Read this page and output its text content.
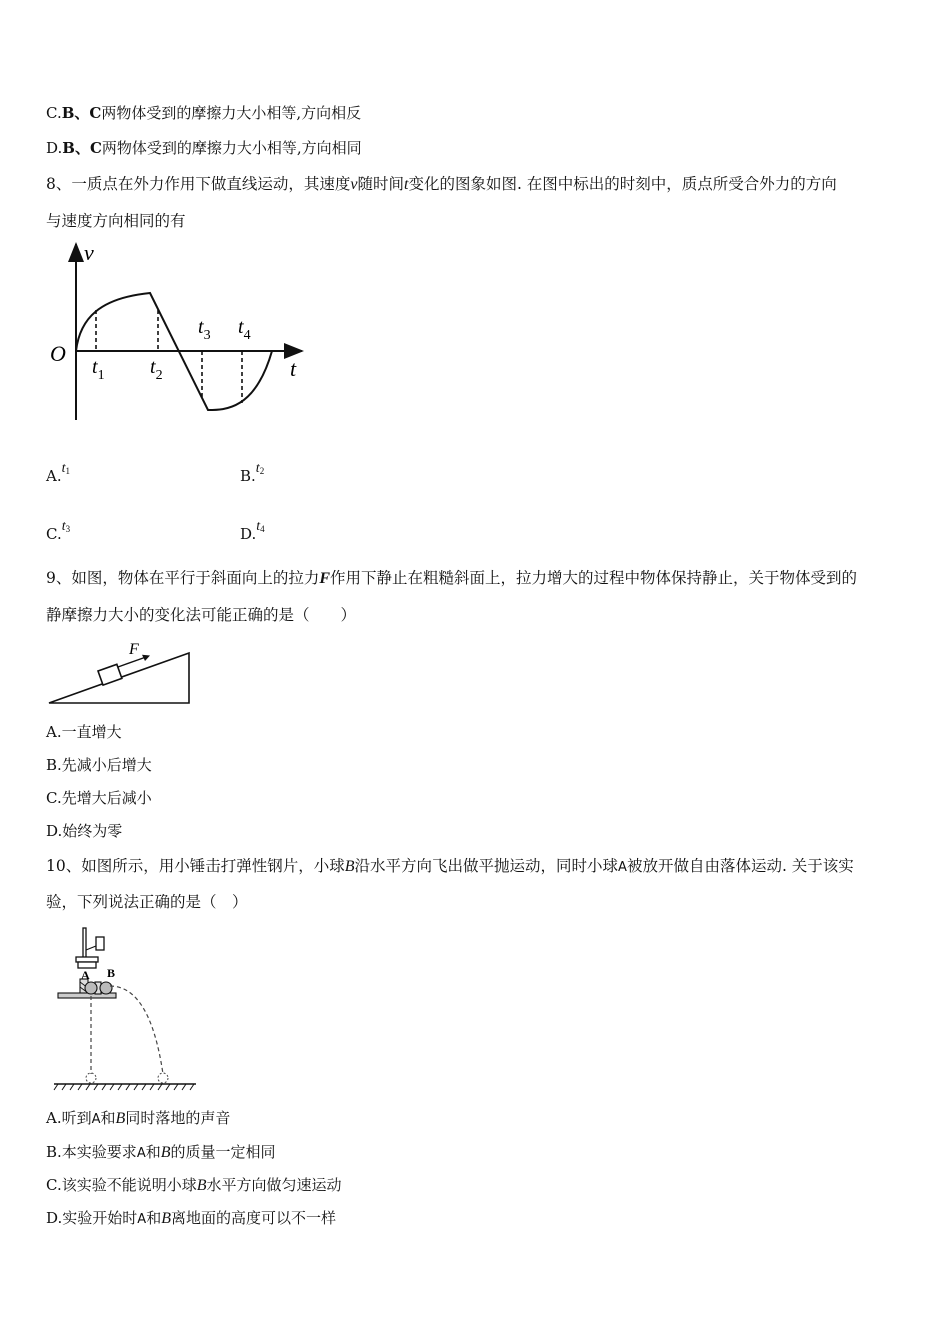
C.B、C两物体受到的摩擦力大小相等,方向相反
D.B、C两物体受到的摩擦力大小相等,方向相同
8、一质点在外力作用下做直线运动，其速度v随时间t变化的图象如图. 在图中标出的时刻中，质点所受合外力的方向
与速度方向相同的有
v
t
O
$t_1$ $t_2$
$t_3$ $t_4$
$A.t_1$	$B.t_2$
$C.t_3$	$D.t_4$
9、如图，物体在平行于斜面向上的拉力F作用下静止在粗糙斜面上，拉力增大的过程中物体保持静止，关于物体受到的
静摩擦力大小的变化法可能正确的是（　　）
F
A.一直增大
B.先减小后增大
C.先增大后减小
D.始终为零
10、如图所示，用小锤击打弹性钢片，小球B沿水平方向飞出做平抛运动，同时小球A被放开做自由落体运动. 关于该实
验，下列说法正确的是（　）
A B
A.听到A和B同时落地的声音
B.本实验要求A和B的质量一定相同
C.该实验不能说明小球B水平方向做匀速运动
D.实验开始时A和B离地面的高度可以不一样
